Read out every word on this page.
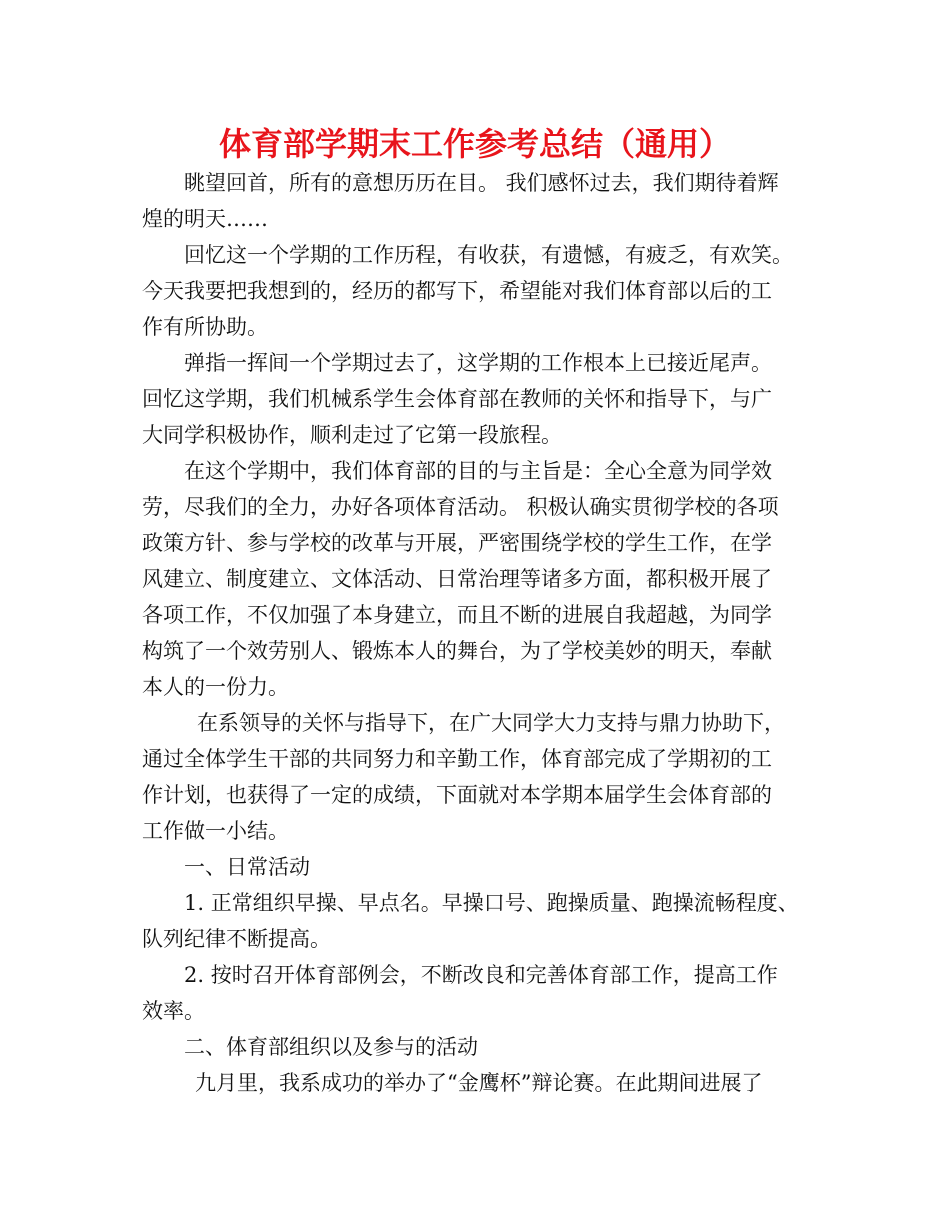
体育部学期末工作参考总结（通用）
眺望回首，所有的意想历历在目。 我们感怀过去，我们期待着辉
煌的明天……
回忆这一个学期的工作历程，有收获，有遗憾，有疲乏，有欢笑。
今天我要把我想到的，经历的都写下，希望能对我们体育部以后的工
作有所协助。
弹指一挥间一个学期过去了，这学期的工作根本上已接近尾声。
回忆这学期，我们机械系学生会体育部在教师的关怀和指导下，与广
大同学积极协作，顺利走过了它第一段旅程。
在这个学期中，我们体育部的目的与主旨是：全心全意为同学效
劳，尽我们的全力，办好各项体育活动。 积极认确实贯彻学校的各项
政策方针、参与学校的改革与开展，严密围绕学校的学生工作，在学
风建立、制度建立、文体活动、日常治理等诸多方面，都积极开展了
各项工作，不仅加强了本身建立，而且不断的进展自我超越，为同学
构筑了一个效劳别人、锻炼本人的舞台，为了学校美妙的明天，奉献
本人的一份力。
在系领导的关怀与指导下，在广大同学大力支持与鼎力协助下，
通过全体学生干部的共同努力和辛勤工作，体育部完成了学期初的工
作计划，也获得了一定的成绩，下面就对本学期本届学生会体育部的
工作做一小结。
一、日常活动
1. 正常组织早操、早点名。早操口号、跑操质量、跑操流畅程度、
队列纪律不断提高。
2. 按时召开体育部例会，不断改良和完善体育部工作，提高工作
效率。
二、体育部组织以及参与的活动
九月里，我系成功的举办了“金鹰杯”辩论赛。在此期间进展了
